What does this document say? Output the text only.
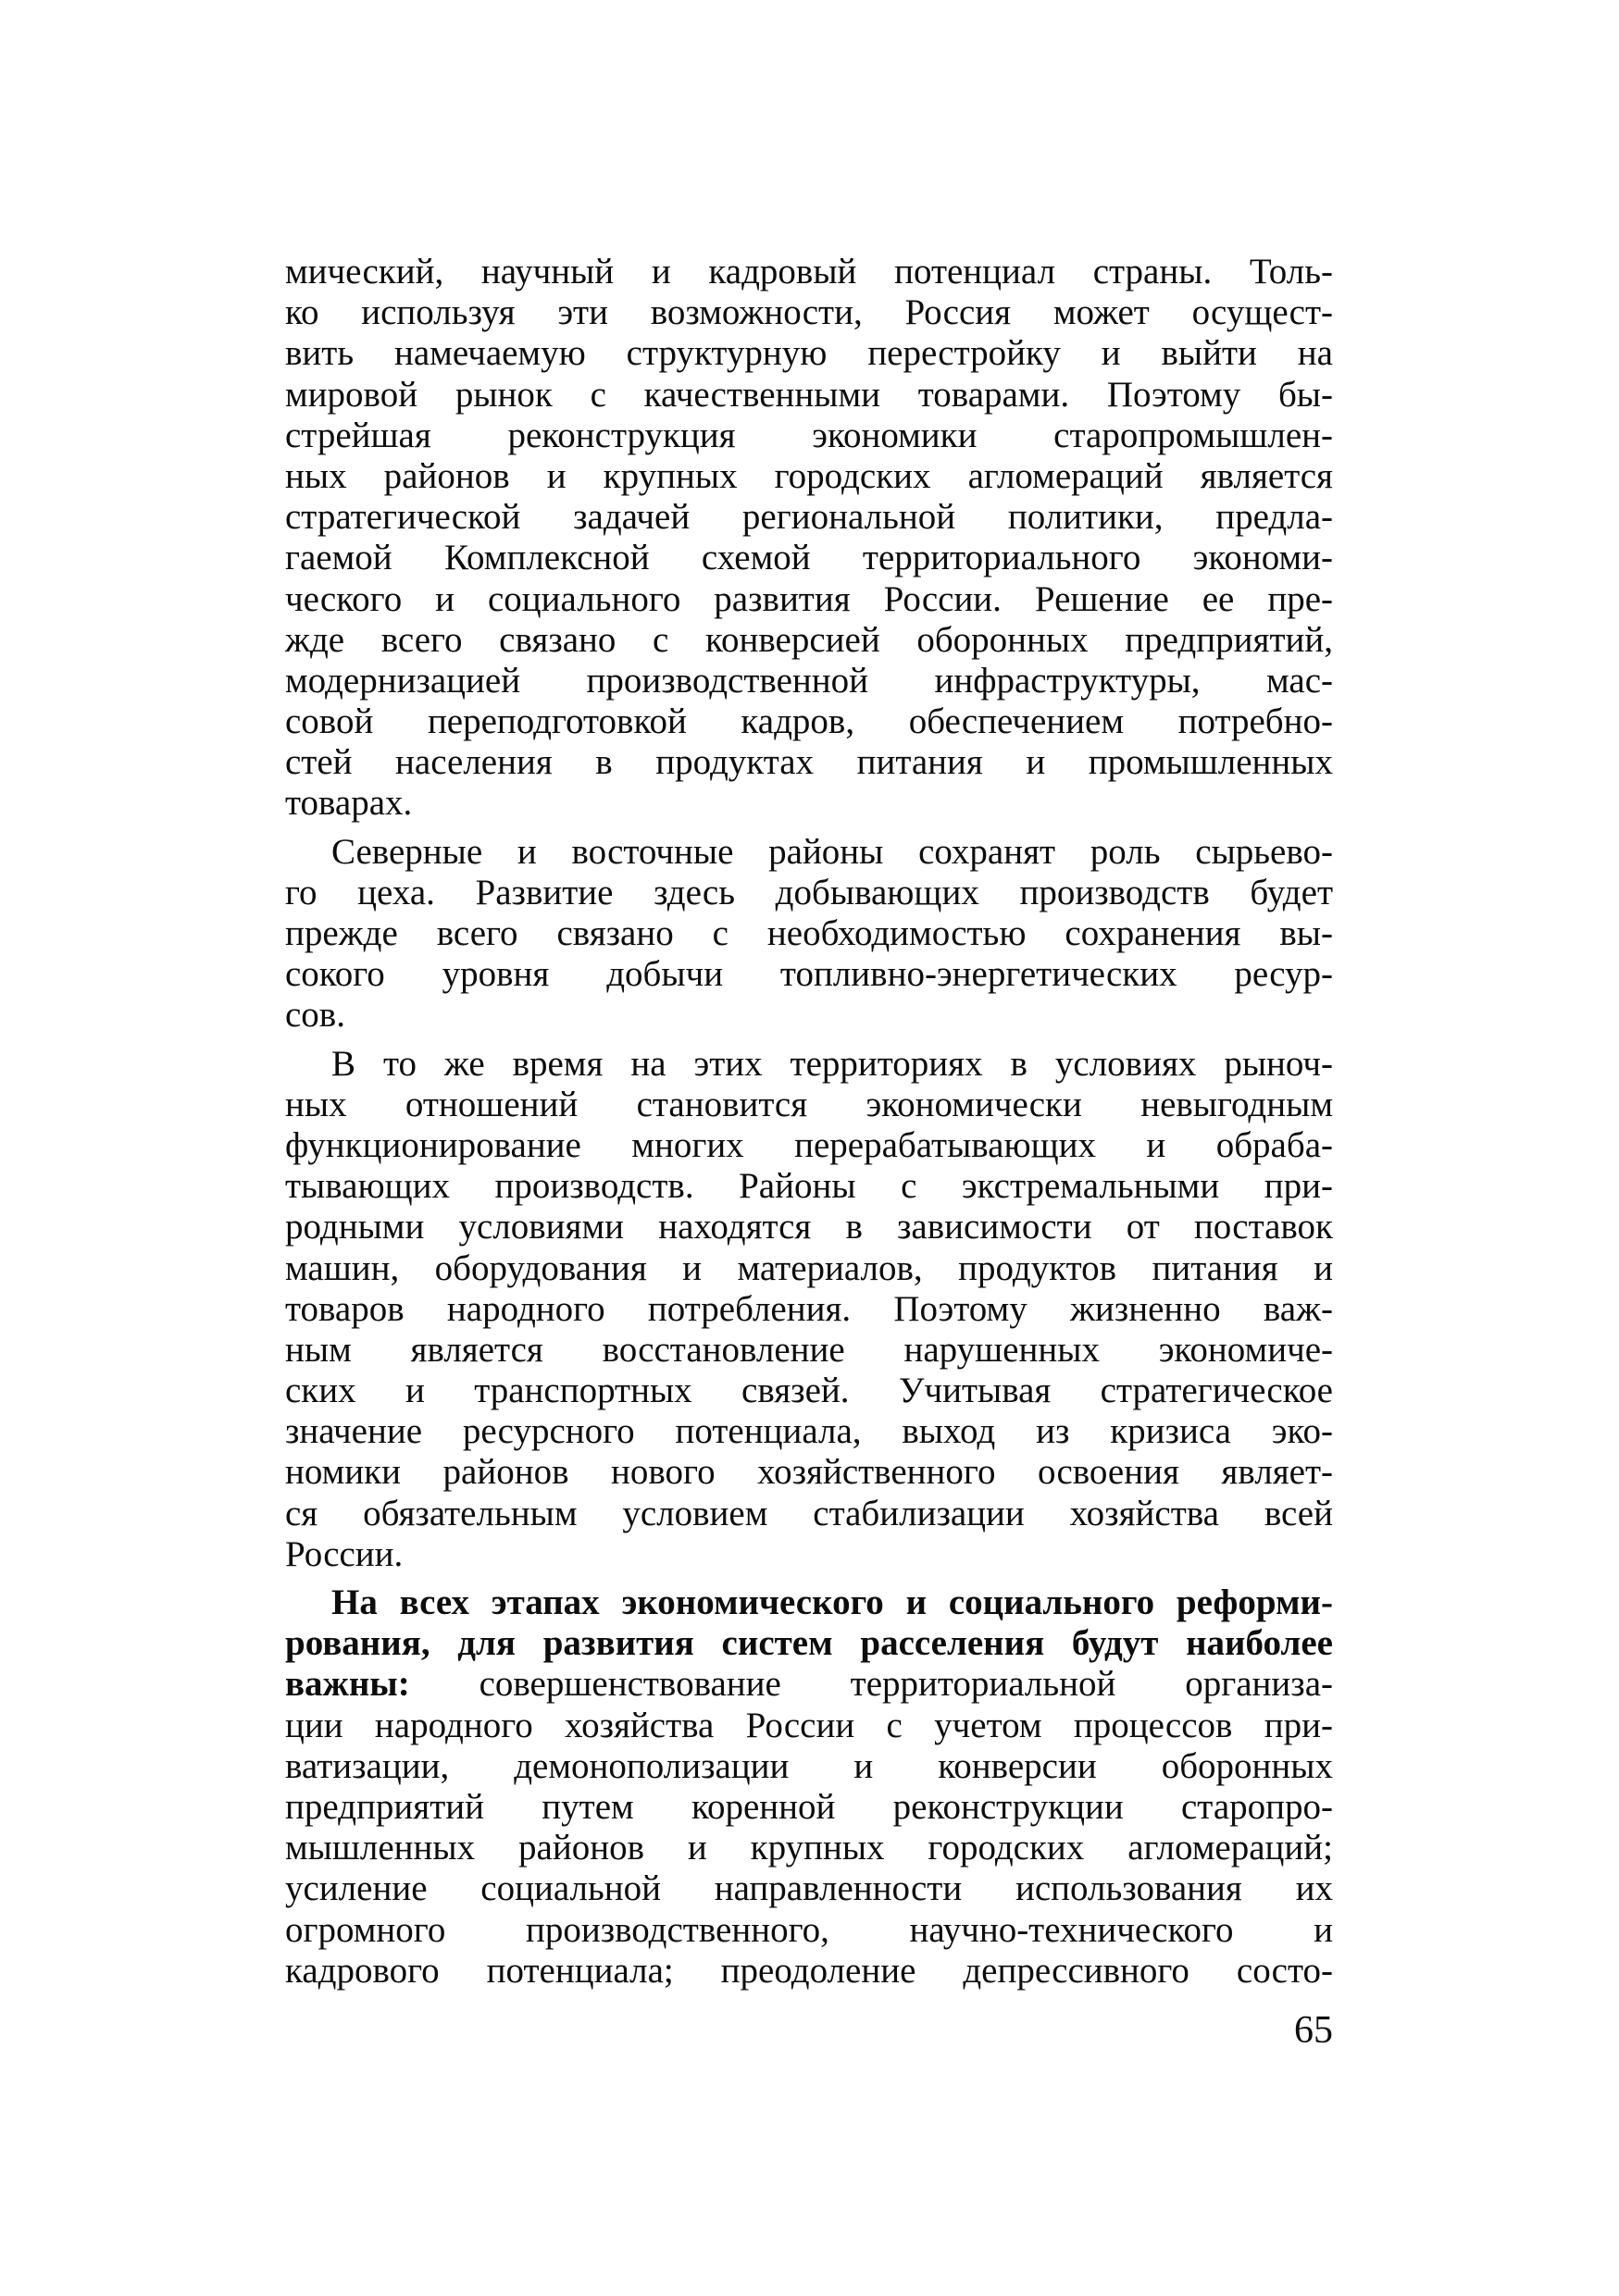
мический, научный и кадровый потенциал страны. Толь-
ко используя эти возможности, Россия может осущест-
вить намечаемую структурную перестройку и выйти на
мировой рынок с качественными товарами. Поэтому бы-
стрейшая реконструкция экономики старопромышлен-
ных районов и крупных городских агломераций является
стратегической задачей региональной политики, предла-
гаемой Комплексной схемой территориального экономи-
ческого и социального развития России. Решение ее пре-
жде всего связано с конверсией оборонных предприятий,
модернизацией производственной инфраструктуры, мас-
совой переподготовкой кадров, обеспечением потребно-
стей населения в продуктах питания и промышленных
товарах.
Северные и восточные районы сохранят роль сырьево-
го цеха. Развитие здесь добывающих производств будет
прежде всего связано с необходимостью сохранения вы-
сокого уровня добычи топливно-энергетических ресур-
сов.
В то же время на этих территориях в условиях рыноч-
ных отношений становится экономически невыгодным
функционирование многих перерабатывающих и обраба-
тывающих производств. Районы с экстремальными при-
родными условиями находятся в зависимости от поставок
машин, оборудования и материалов, продуктов питания и
товаров народного потребления. Поэтому жизненно важ-
ным является восстановление нарушенных экономиче-
ских и транспортных связей. Учитывая стратегическое
значение ресурсного потенциала, выход из кризиса эко-
номики районов нового хозяйственного освоения являет-
ся обязательным условием стабилизации хозяйства всей
России.
На всех этапах экономического и социального реформи-
рования, для развития систем расселения будут наиболее
важны: совершенствование территориальной организа-
ции народного хозяйства России с учетом процессов при-
ватизации, демонополизации и конверсии оборонных
предприятий путем коренной реконструкции старопро-
мышленных районов и крупных городских агломераций;
усиление социальной направленности использования их
огромного производственного, научно-технического и
кадрового потенциала; преодоление депрессивного состо-
65
